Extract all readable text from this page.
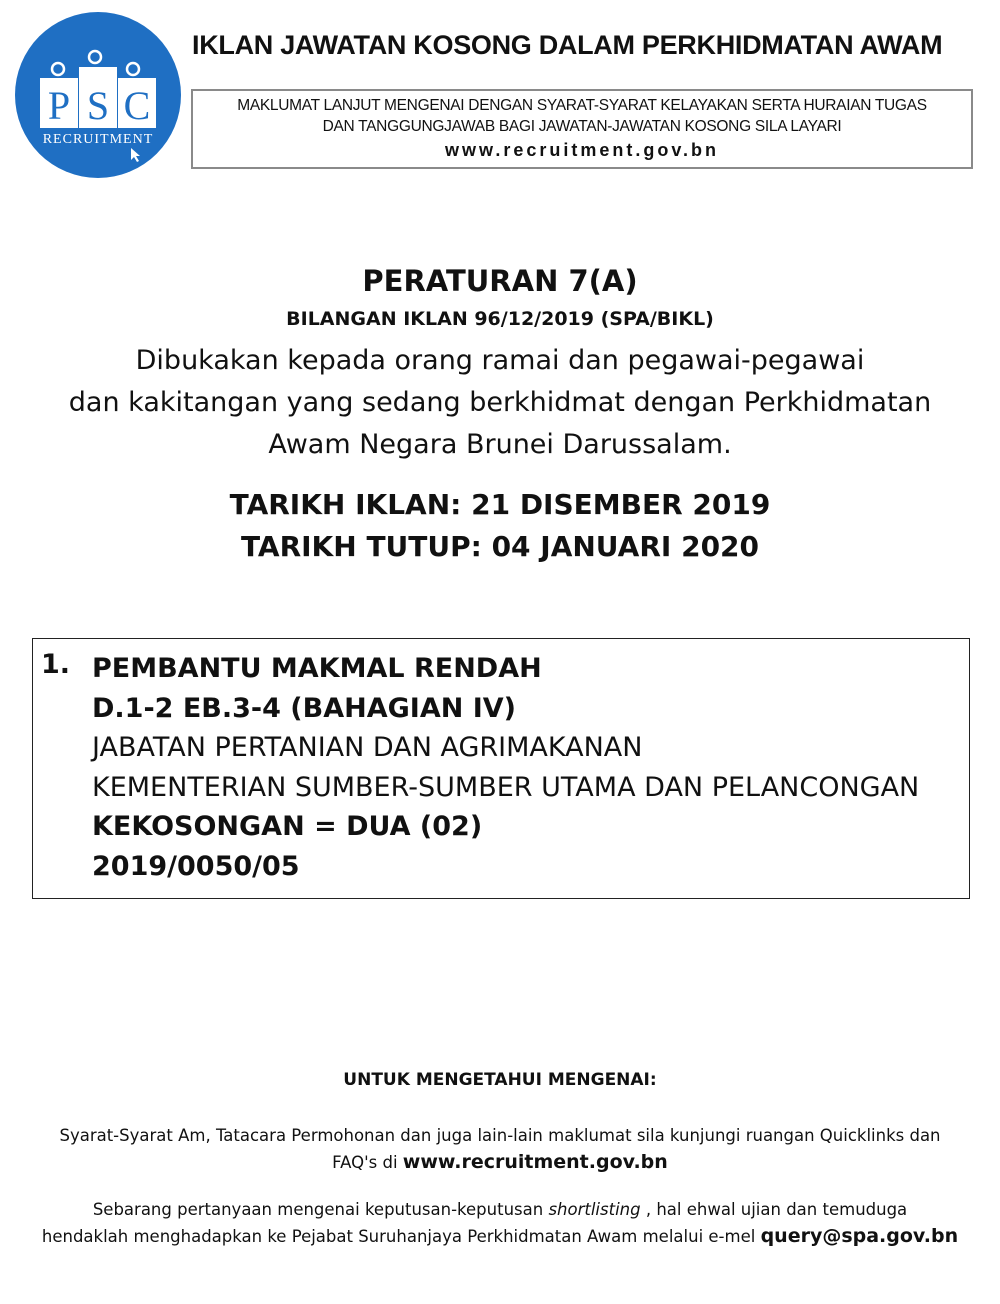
P S C
RECRUITMENT
IKLAN JAWATAN KOSONG DALAM PERKHIDMATAN AWAM
MAKLUMAT LANJUT MENGENAI DENGAN SYARAT-SYARAT KELAYAKAN SERTA HURAIAN TUGAS
DAN TANGGUNGJAWAB BAGI JAWATAN-JAWATAN KOSONG SILA LAYARI
www.recruitment.gov.bn
PERATURAN 7(A)
BILANGAN IKLAN 96/12/2019 (SPA/BIKL)
Dibukakan kepada orang ramai dan pegawai-pegawai
dan kakitangan yang sedang berkhidmat dengan Perkhidmatan
Awam Negara Brunei Darussalam.
TARIKH IKLAN: 21 DISEMBER 2019
TARIKH TUTUP: 04 JANUARI 2020
1. PEMBANTU MAKMAL RENDAH
D.1-2 EB.3-4 (BAHAGIAN IV)
JABATAN PERTANIAN DAN AGRIMAKANAN
KEMENTERIAN SUMBER-SUMBER UTAMA DAN PELANCONGAN
KEKOSONGAN = DUA (02)
2019/0050/05
UNTUK MENGETAHUI MENGENAI:
Syarat-Syarat Am, Tatacara Permohonan dan juga lain-lain maklumat sila kunjungi ruangan Quicklinks dan
FAQ's di www.recruitment.gov.bn
Sebarang pertanyaan mengenai keputusan-keputusan shortlisting , hal ehwal ujian dan temuduga
hendaklah menghadapkan ke Pejabat Suruhanjaya Perkhidmatan Awam melalui e-mel query@spa.gov.bn
